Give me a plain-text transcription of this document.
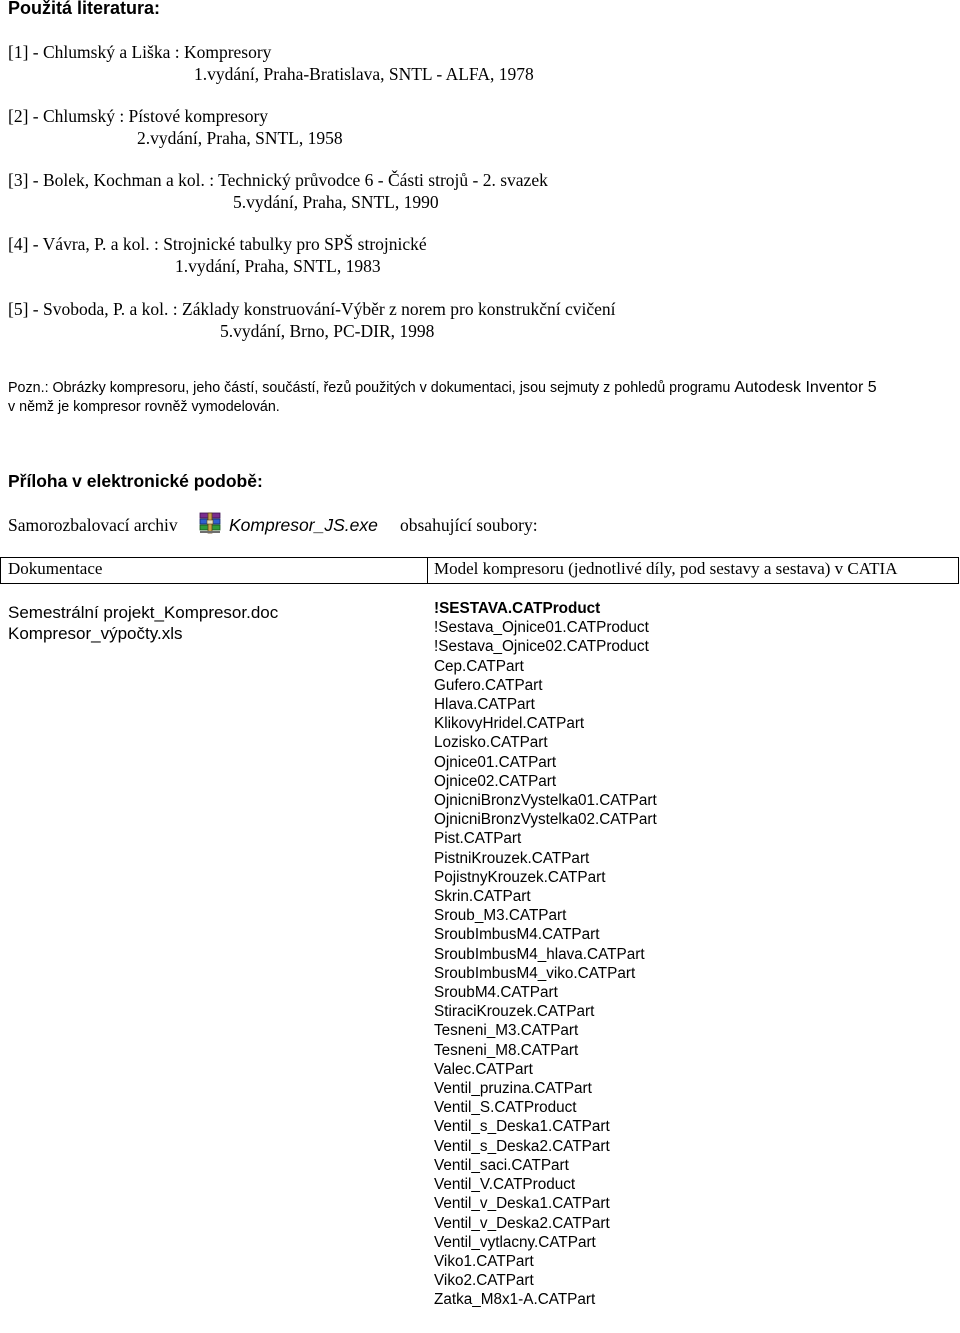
Použitá literatura:
[1] - Chlumský a Liška : Kompresory
1.vydání, Praha-Bratislava, SNTL - ALFA, 1978
[2] - Chlumský : Pístové kompresory
2.vydání, Praha, SNTL, 1958
[3] - Bolek, Kochman a kol. : Technický průvodce 6 - Části strojů - 2. svazek
5.vydání, Praha, SNTL, 1990
[4] - Vávra, P. a kol. : Strojnické tabulky pro SPŠ strojnické
1.vydání, Praha, SNTL, 1983
[5] - Svoboda, P. a kol. : Základy konstruování-Výběr z norem pro konstrukční cvičení
5.vydání, Brno, PC-DIR, 1998
Pozn.: Obrázky kompresoru, jeho částí, součástí, řezů použitých v dokumentaci, jsou sejmuty z pohledů programu Autodesk Inventor 5
v němž je kompresor rovněž vymodelován.
Příloha v elektronické podobě:
Samorozbalovací archiv	Kompresor_JS.exe obsahující soubory:
Dokumentace	Model kompresoru (jednotlivé díly, pod sestavy a sestava) v CATIA
Semestrální projekt_Kompresor.doc
Kompresor_výpočty.xls
!SESTAVA.CATProduct
!Sestava_Ojnice01.CATProduct
!Sestava_Ojnice02.CATProduct
Cep.CATPart
Gufero.CATPart
Hlava.CATPart
KlikovyHridel.CATPart
Lozisko.CATPart
Ojnice01.CATPart
Ojnice02.CATPart
OjnicniBronzVystelka01.CATPart
OjnicniBronzVystelka02.CATPart
Pist.CATPart
PistniKrouzek.CATPart
PojistnyKrouzek.CATPart
Skrin.CATPart
Sroub_M3.CATPart
SroubImbusM4.CATPart
SroubImbusM4_hlava.CATPart
SroubImbusM4_viko.CATPart
SroubM4.CATPart
StiraciKrouzek.CATPart
Tesneni_M3.CATPart
Tesneni_M8.CATPart
Valec.CATPart
Ventil_pruzina.CATPart
Ventil_S.CATProduct
Ventil_s_Deska1.CATPart
Ventil_s_Deska2.CATPart
Ventil_saci.CATPart
Ventil_V.CATProduct
Ventil_v_Deska1.CATPart
Ventil_v_Deska2.CATPart
Ventil_vytlacny.CATPart
Viko1.CATPart
Viko2.CATPart
Zatka_M8x1-A.CATPart
